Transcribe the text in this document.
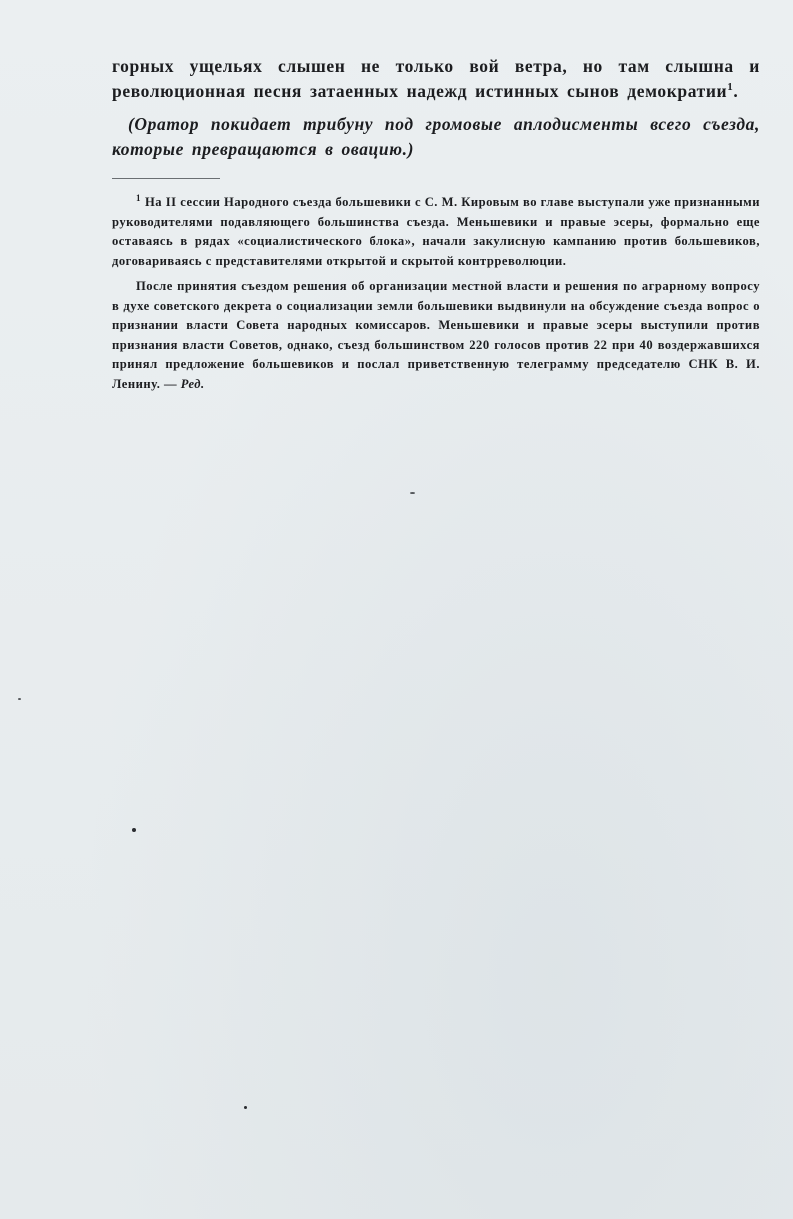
горных ущельях слышен не только вой ветра, но там слышна и революционная песня затаенных надежд истинных сынов демократии$^1$.

(Оратор покидает трибуну под громовые аплодисменты всего съезда, которые превращаются в овацию.)

$^1$ На II сессии Народного съезда большевики с С. М. Кировым во главе выступали уже признанными руководителями подавляющего большинства съезда. Меньшевики и правые эсеры, формально еще оставаясь в рядах «социалистического блока», начали закулисную кампанию против большевиков, договариваясь с представителями открытой и скрытой контрреволюции.

После принятия съездом решения об организации местной власти и решения по аграрному вопросу в духе советского декрета о социализации земли большевики выдвинули на обсуждение съезда вопрос о признании власти Совета народных комиссаров. Меньшевики и правые эсеры выступили против признания власти Советов, однако, съезд большинством 220 голосов против 22 при 40 воздержавшихся принял предложение большевиков и послал приветственную телеграмму председателю СНК В. И. Ленину. — Ред.
